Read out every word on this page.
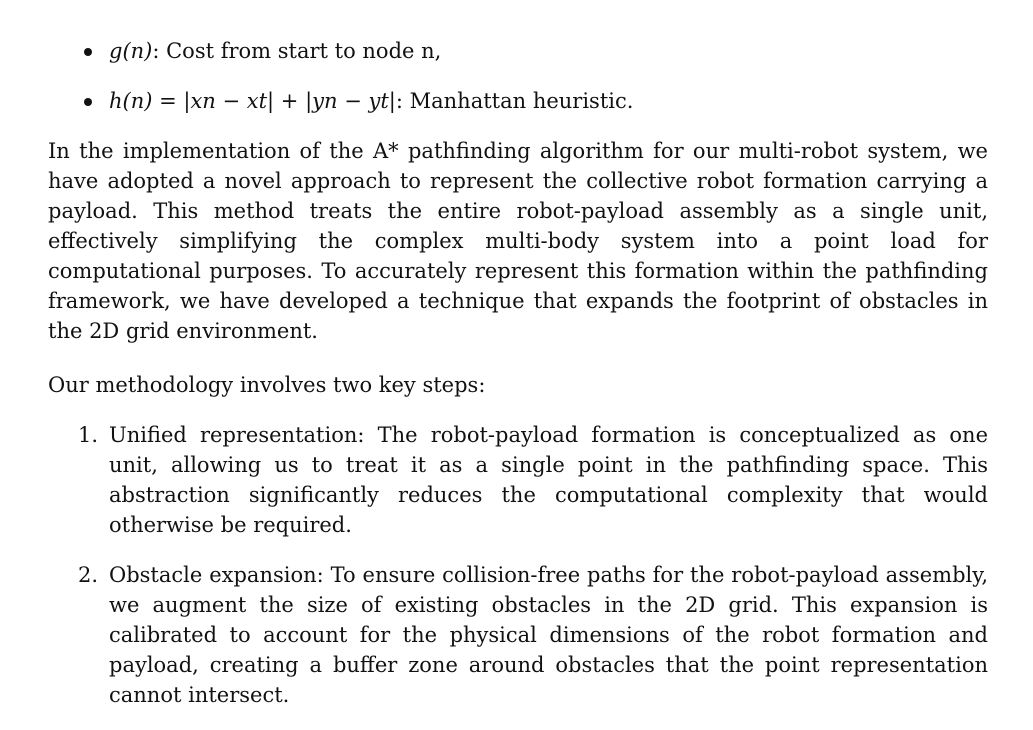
g(n): Cost from start to node n,
h(n) = |xn − xt| + |yn − yt|: Manhattan heuristic.

In the implementation of the A* pathfinding algorithm for our multi-robot system, we have adopted a novel approach to represent the collective robot formation carrying a payload. This method treats the entire robot-payload assembly as a single unit, effectively simplifying the complex multi-body system into a point load for computational purposes. To accurately represent this formation within the pathfinding framework, we have developed a technique that expands the footprint of obstacles in the 2D grid environment.

Our methodology involves two key steps:

1. Unified representation: The robot-payload formation is conceptualized as one unit, allowing us to treat it as a single point in the pathfinding space. This abstraction significantly reduces the computational complexity that would otherwise be required.
2. Obstacle expansion: To ensure collision-free paths for the robot-payload assembly, we augment the size of existing obstacles in the 2D grid. This expansion is calibrated to account for the physical dimensions of the robot formation and payload, creating a buffer zone around obstacles that the point representation cannot intersect.
